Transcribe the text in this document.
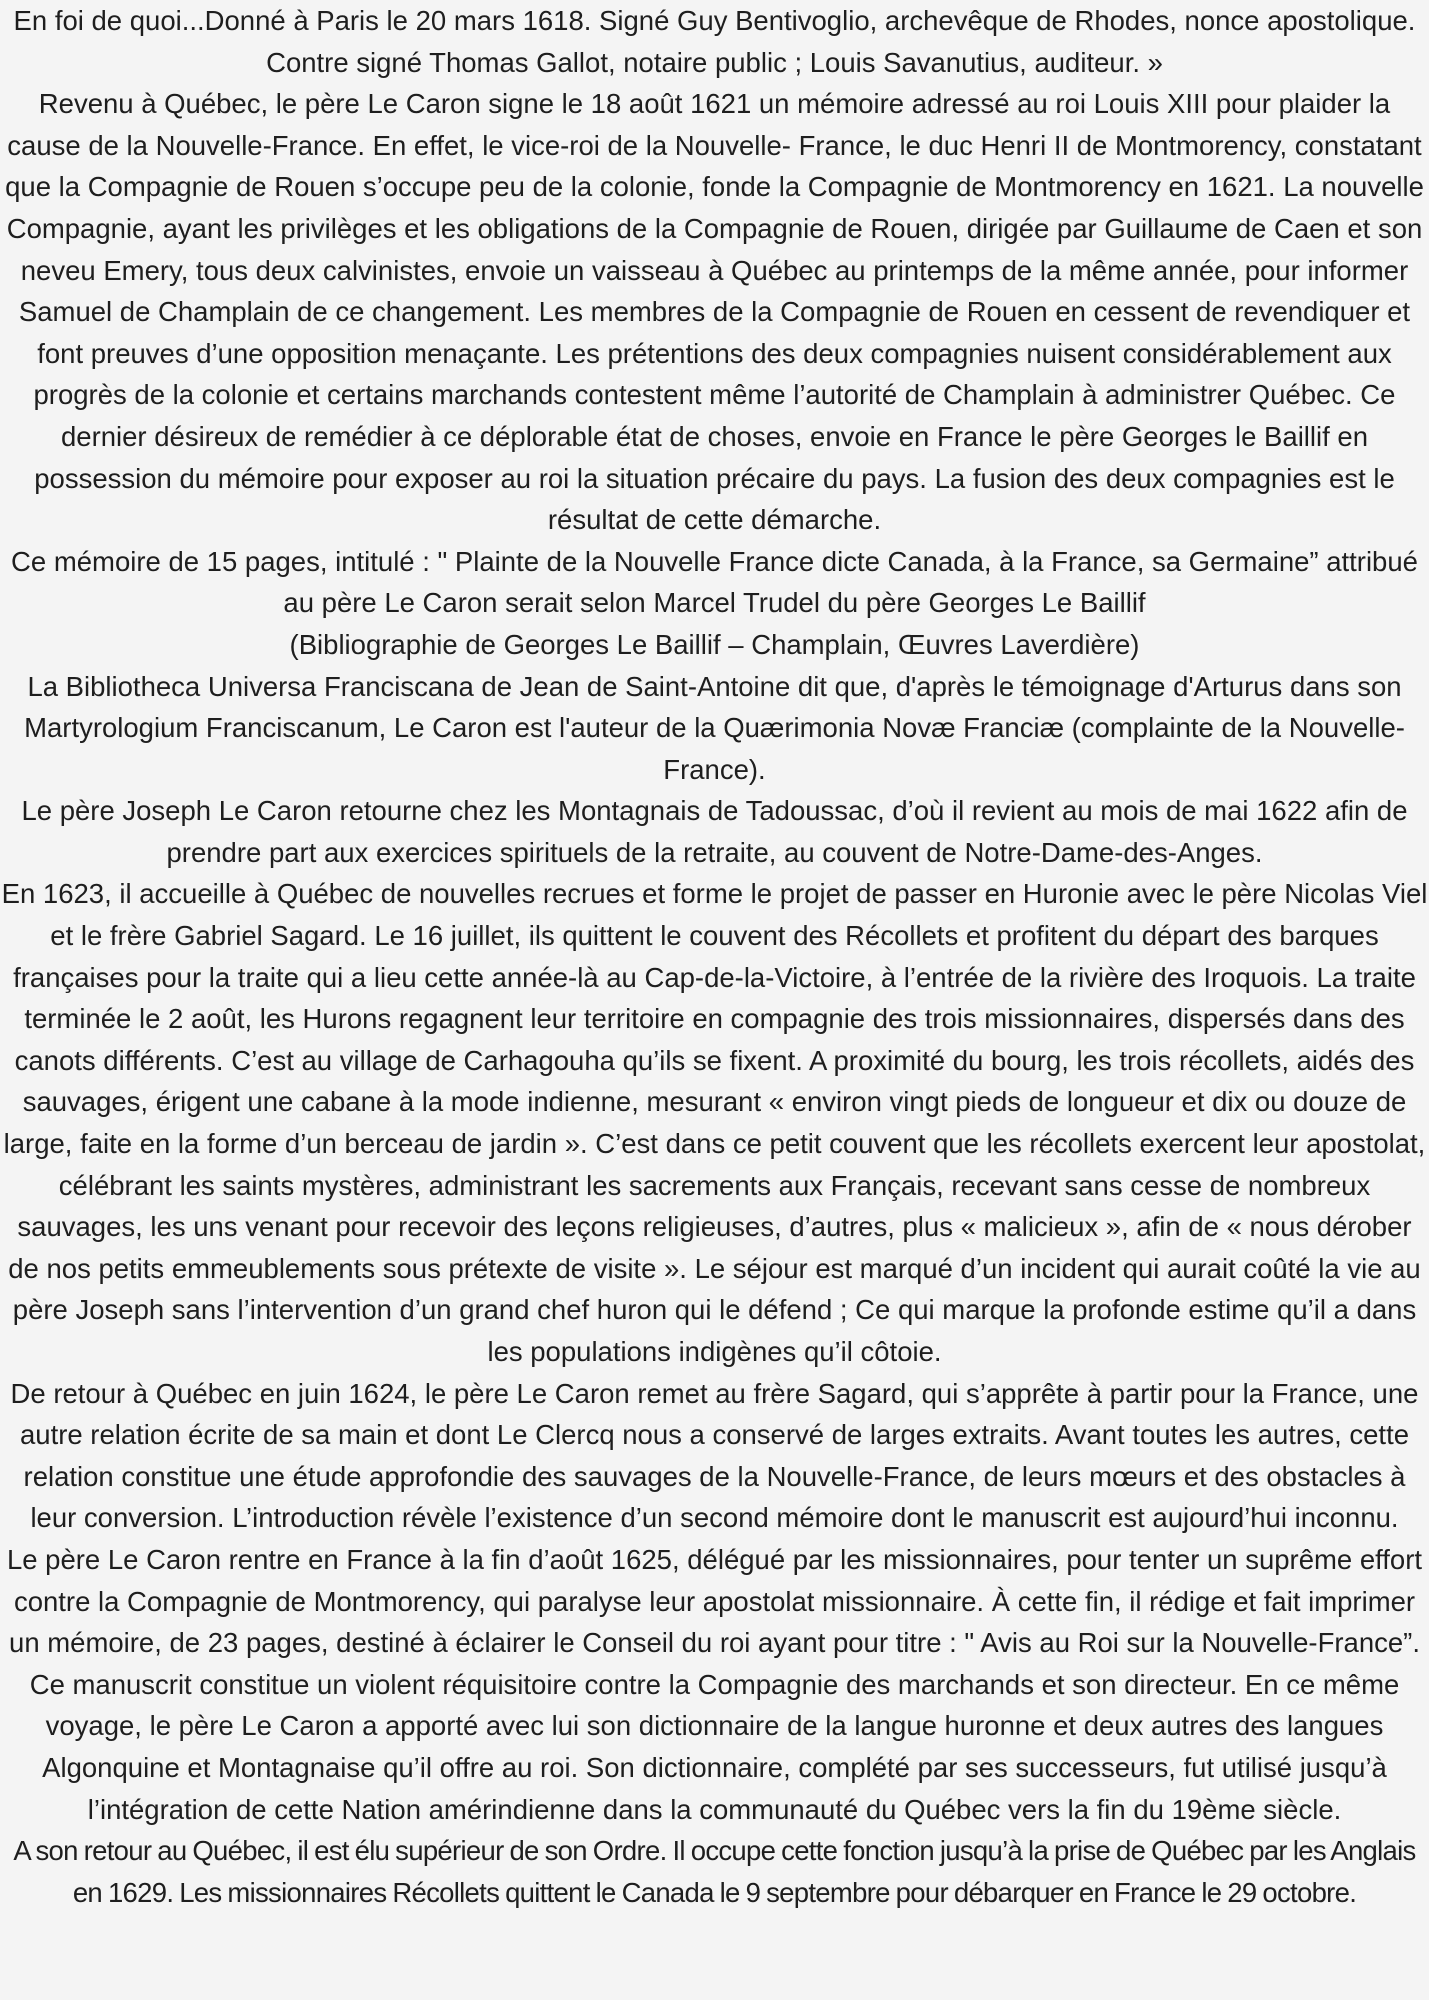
En foi de quoi...Donné à Paris le 20 mars 1618. Signé Guy Bentivoglio, archevêque de Rhodes, nonce apostolique. Contre signé Thomas Gallot, notaire public ; Louis Savanutius, auditeur. »

Revenu à Québec, le père Le Caron signe le 18 août 1621 un mémoire adressé au roi Louis XIII pour plaider la cause de la Nouvelle-France. En effet, le vice-roi de la Nouvelle- France, le duc Henri II de Montmorency, constatant que la Compagnie de Rouen s’occupe peu de la colonie, fonde la Compagnie de Montmorency en 1621. La nouvelle Compagnie, ayant les privilèges et les obligations de la Compagnie de Rouen, dirigée par Guillaume de Caen et son neveu Emery, tous deux calvinistes, envoie un vaisseau à Québec au printemps de la même année, pour informer Samuel de Champlain de ce changement. Les membres de la Compagnie de Rouen en cessent de revendiquer et font preuves d’une opposition menaçante. Les prétentions des deux compagnies nuisent considérablement aux progrès de la colonie et certains marchands contestent même l’autorité de Champlain à administrer Québec. Ce dernier désireux de remédier à ce déplorable état de choses, envoie en France le père Georges le Baillif en possession du mémoire pour exposer au roi la situation précaire du pays. La fusion des deux compagnies est le résultat de cette démarche.

Ce mémoire de 15 pages, intitulé : " Plainte de la Nouvelle France dicte Canada, à la France, sa Germaine” attribué au père Le Caron serait selon Marcel Trudel du père Georges Le Baillif

(Bibliographie de Georges Le Baillif – Champlain, Œuvres Laverdière)

La Bibliotheca Universa Franciscana de Jean de Saint-Antoine dit que, d'après le témoignage d'Arturus dans son Martyrologium Franciscanum, Le Caron est l'auteur de la Quærimonia Novæ Franciæ (complainte de la Nouvelle-France).

Le père Joseph Le Caron retourne chez les Montagnais de Tadoussac, d’où il revient au mois de mai 1622 afin de prendre part aux exercices spirituels de la retraite, au couvent de Notre-Dame-des-Anges.

En 1623, il accueille à Québec de nouvelles recrues et forme le projet de passer en Huronie avec le père Nicolas Viel et le frère Gabriel Sagard. Le 16 juillet, ils quittent le couvent des Récollets et profitent du départ des barques françaises pour la traite qui a lieu cette année-là au Cap-de-la-Victoire, à l’entrée de la rivière des Iroquois. La traite terminée le 2 août, les Hurons regagnent leur territoire en compagnie des trois missionnaires, dispersés dans des canots différents. C’est au village de Carhagouha qu’ils se fixent. A proximité du bourg, les trois récollets, aidés des sauvages, érigent une cabane à la mode indienne, mesurant « environ vingt pieds de longueur et dix ou douze de large, faite en la forme d’un berceau de jardin ». C’est dans ce petit couvent que les récollets exercent leur apostolat, célébrant les saints mystères, administrant les sacrements aux Français, recevant sans cesse de nombreux sauvages, les uns venant pour recevoir des leçons religieuses, d’autres, plus « malicieux », afin de « nous dérober de nos petits emmeublements sous prétexte de visite ». Le séjour est marqué d’un incident qui aurait coûté la vie au père Joseph sans l’intervention d’un grand chef huron qui le défend ; Ce qui marque la profonde estime qu’il a dans les populations indigènes qu’il côtoie.

De retour à Québec en juin 1624, le père Le Caron remet au frère Sagard, qui s’apprête à partir pour la France, une autre relation écrite de sa main et dont Le Clercq nous a conservé de larges extraits. Avant toutes les autres, cette relation constitue une étude approfondie des sauvages de la Nouvelle-France, de leurs mœurs et des obstacles à leur conversion. L’introduction révèle l’existence d’un second mémoire dont le manuscrit est aujourd’hui inconnu.

Le père Le Caron rentre en France à la fin d’août 1625, délégué par les missionnaires, pour tenter un suprême effort contre la Compagnie de Montmorency, qui paralyse leur apostolat missionnaire. À cette fin, il rédige et fait imprimer un mémoire, de 23 pages, destiné à éclairer le Conseil du roi ayant pour titre : " Avis au Roi sur la Nouvelle-France”. Ce manuscrit constitue un violent réquisitoire contre la Compagnie des marchands et son directeur. En ce même voyage, le père Le Caron a apporté avec lui son dictionnaire de la langue huronne et deux autres des langues Algonquine et Montagnaise qu’il offre au roi. Son dictionnaire, complété par ses successeurs, fut utilisé jusqu’à l’intégration de cette Nation amérindienne dans la communauté du Québec vers la fin du 19ème siècle.

A son retour au Québec, il est élu supérieur de son Ordre. Il occupe cette fonction jusqu’à la prise de Québec par les Anglais en 1629. Les missionnaires Récollets quittent le Canada le 9 septembre pour débarquer en France le 29 octobre.
